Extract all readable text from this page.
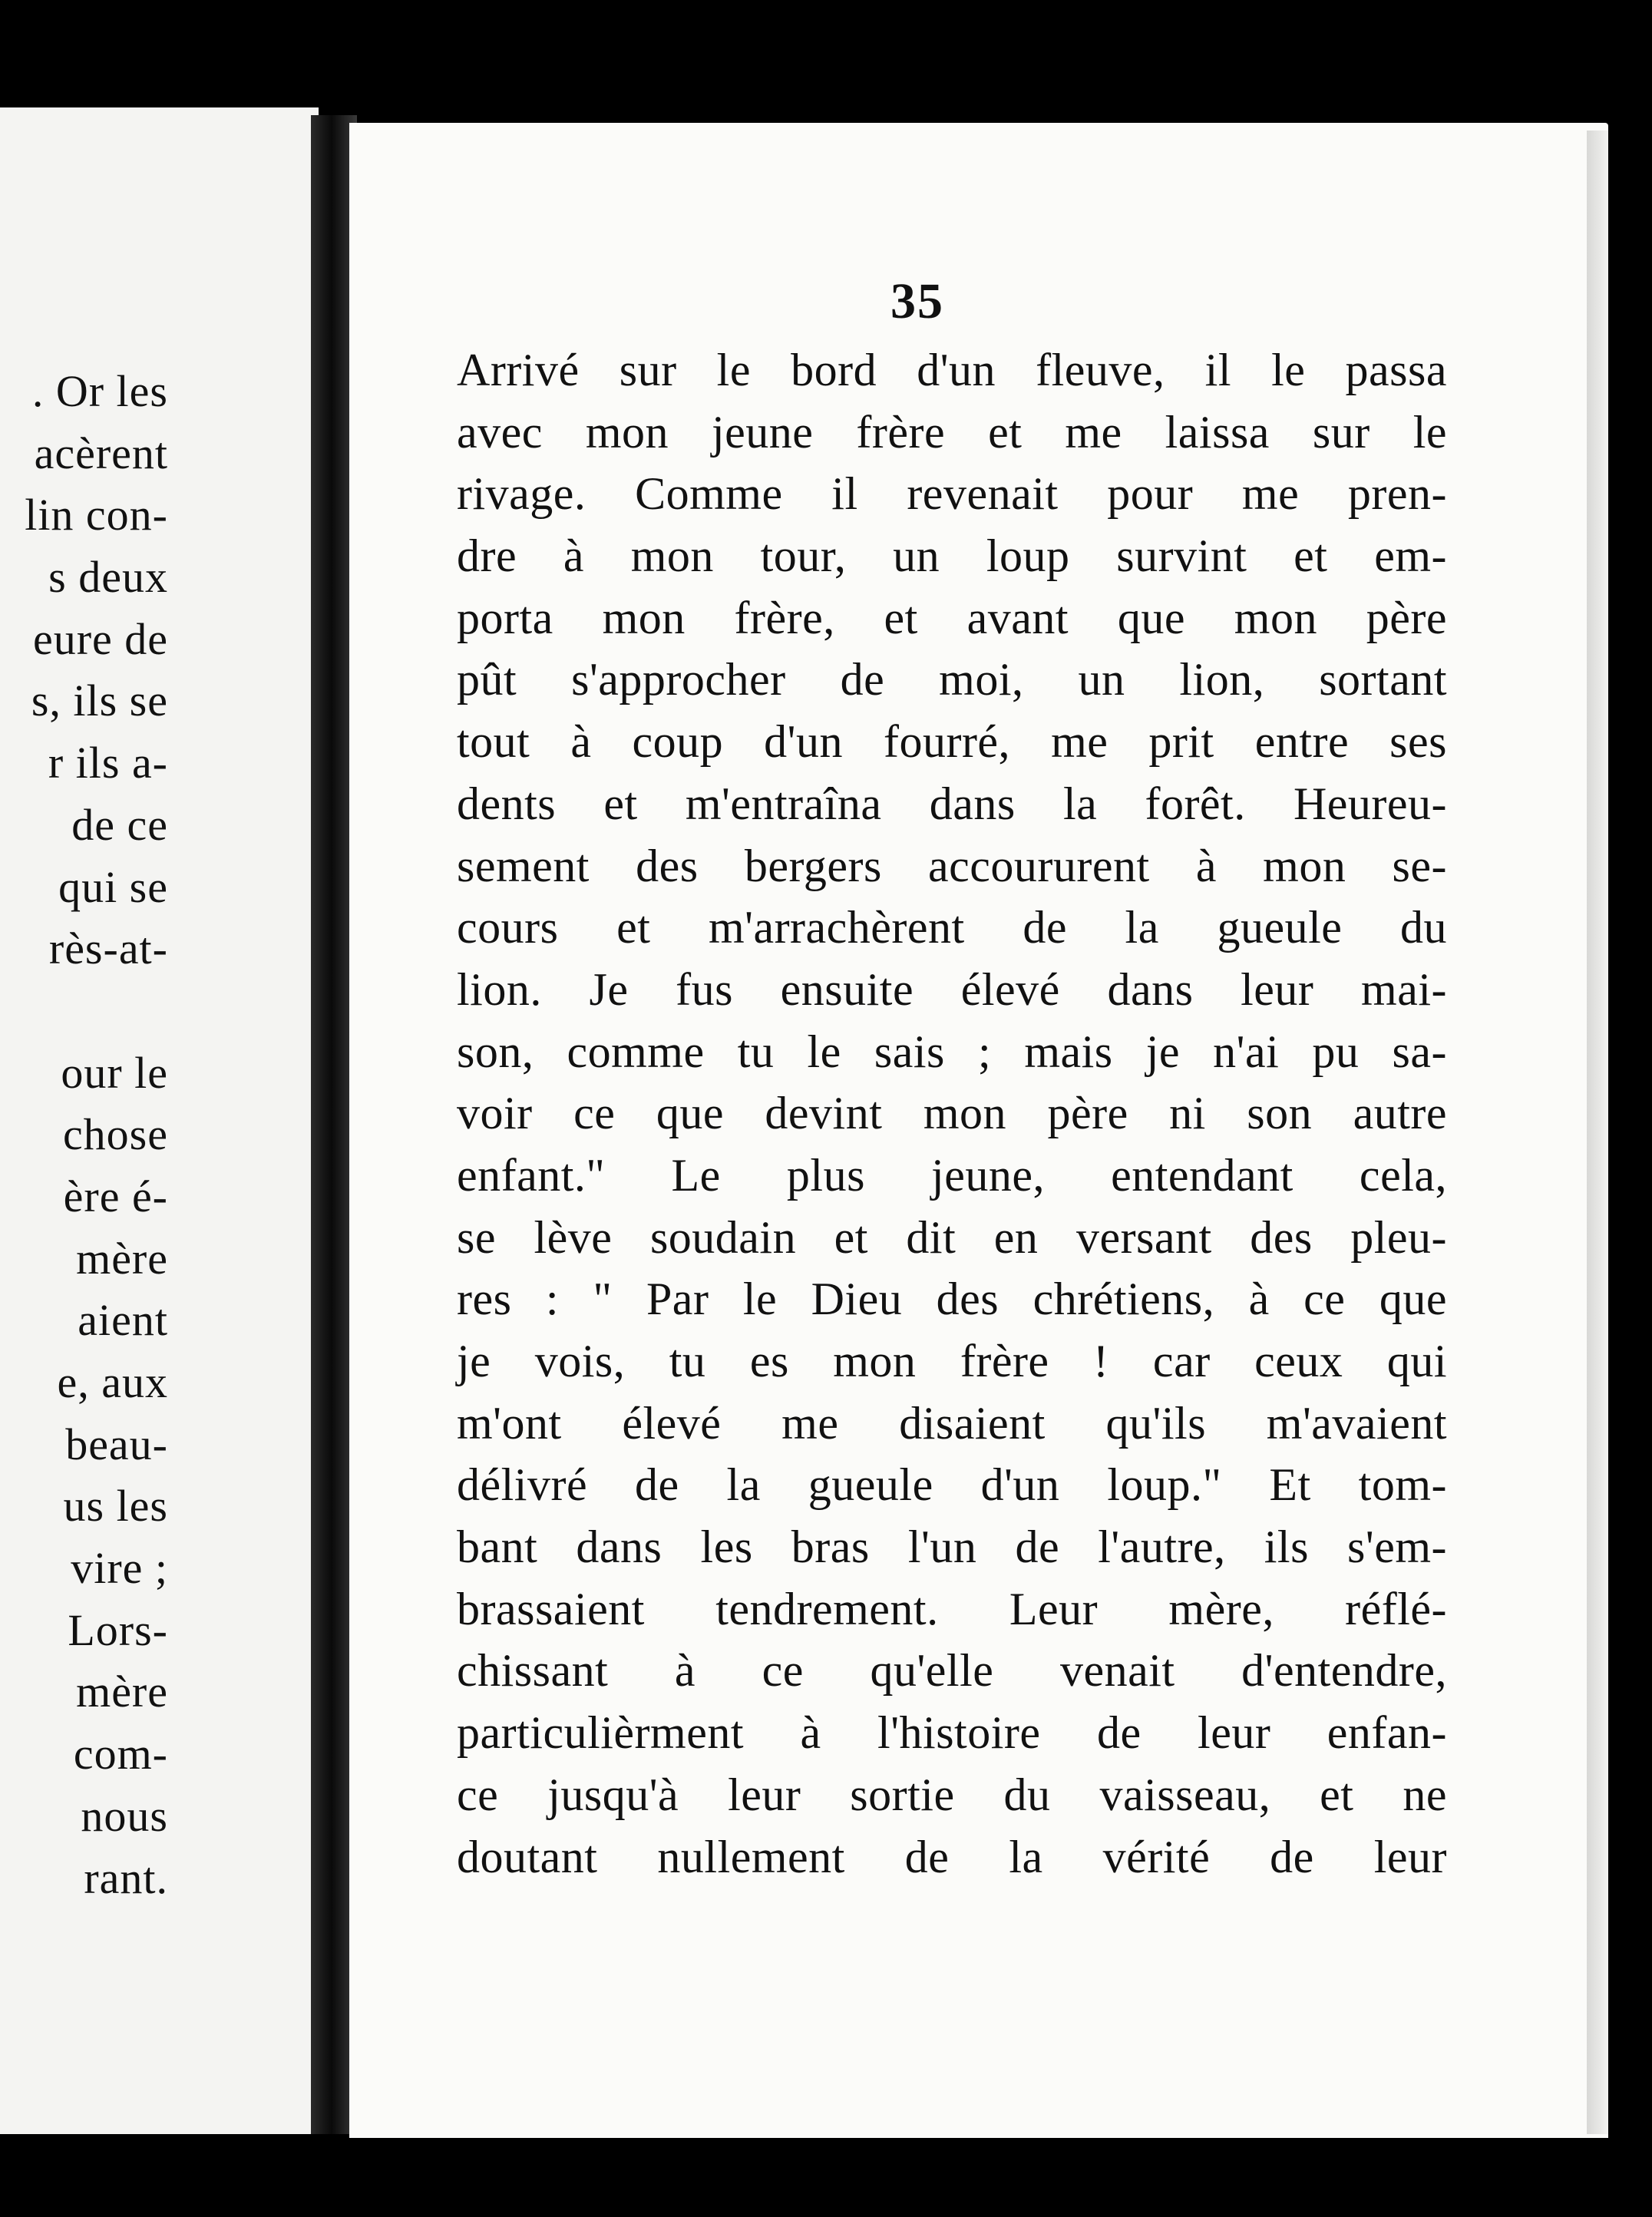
. Or les
acèrent
lin con-
s deux
eure de
s, ils se
r ils a-
de ce
qui se
rès-at-
our le
chose
ère é-
mère
aient
e, aux
beau-
us les
vire ;
Lors-
mère
com-
nous
rant.
35
Arrivé sur le bord d'un fleuve, il le passa
avec mon jeune frère et me laissa sur le
rivage. Comme il revenait pour me pren-
dre à mon tour, un loup survint et em-
porta mon frère, et avant que mon père
pût s'approcher de moi, un lion, sortant
tout à coup d'un fourré, me prit entre ses
dents et m'entraîna dans la forêt. Heureu-
sement des bergers accoururent à mon se-
cours et m'arrachèrent de la gueule du
lion. Je fus ensuite élevé dans leur mai-
son, comme tu le sais ; mais je n'ai pu sa-
voir ce que devint mon père ni son autre
enfant." Le plus jeune, entendant cela,
se lève soudain et dit en versant des pleu-
res : " Par le Dieu des chrétiens, à ce que
je vois, tu es mon frère ! car ceux qui
m'ont élevé me disaient qu'ils m'avaient
délivré de la gueule d'un loup." Et tom-
bant dans les bras l'un de l'autre, ils s'em-
brassaient tendrement. Leur mère, réflé-
chissant à ce qu'elle venait d'entendre,
particulièrment à l'histoire de leur enfan-
ce jusqu'à leur sortie du vaisseau, et ne
doutant nullement de la vérité de leur
